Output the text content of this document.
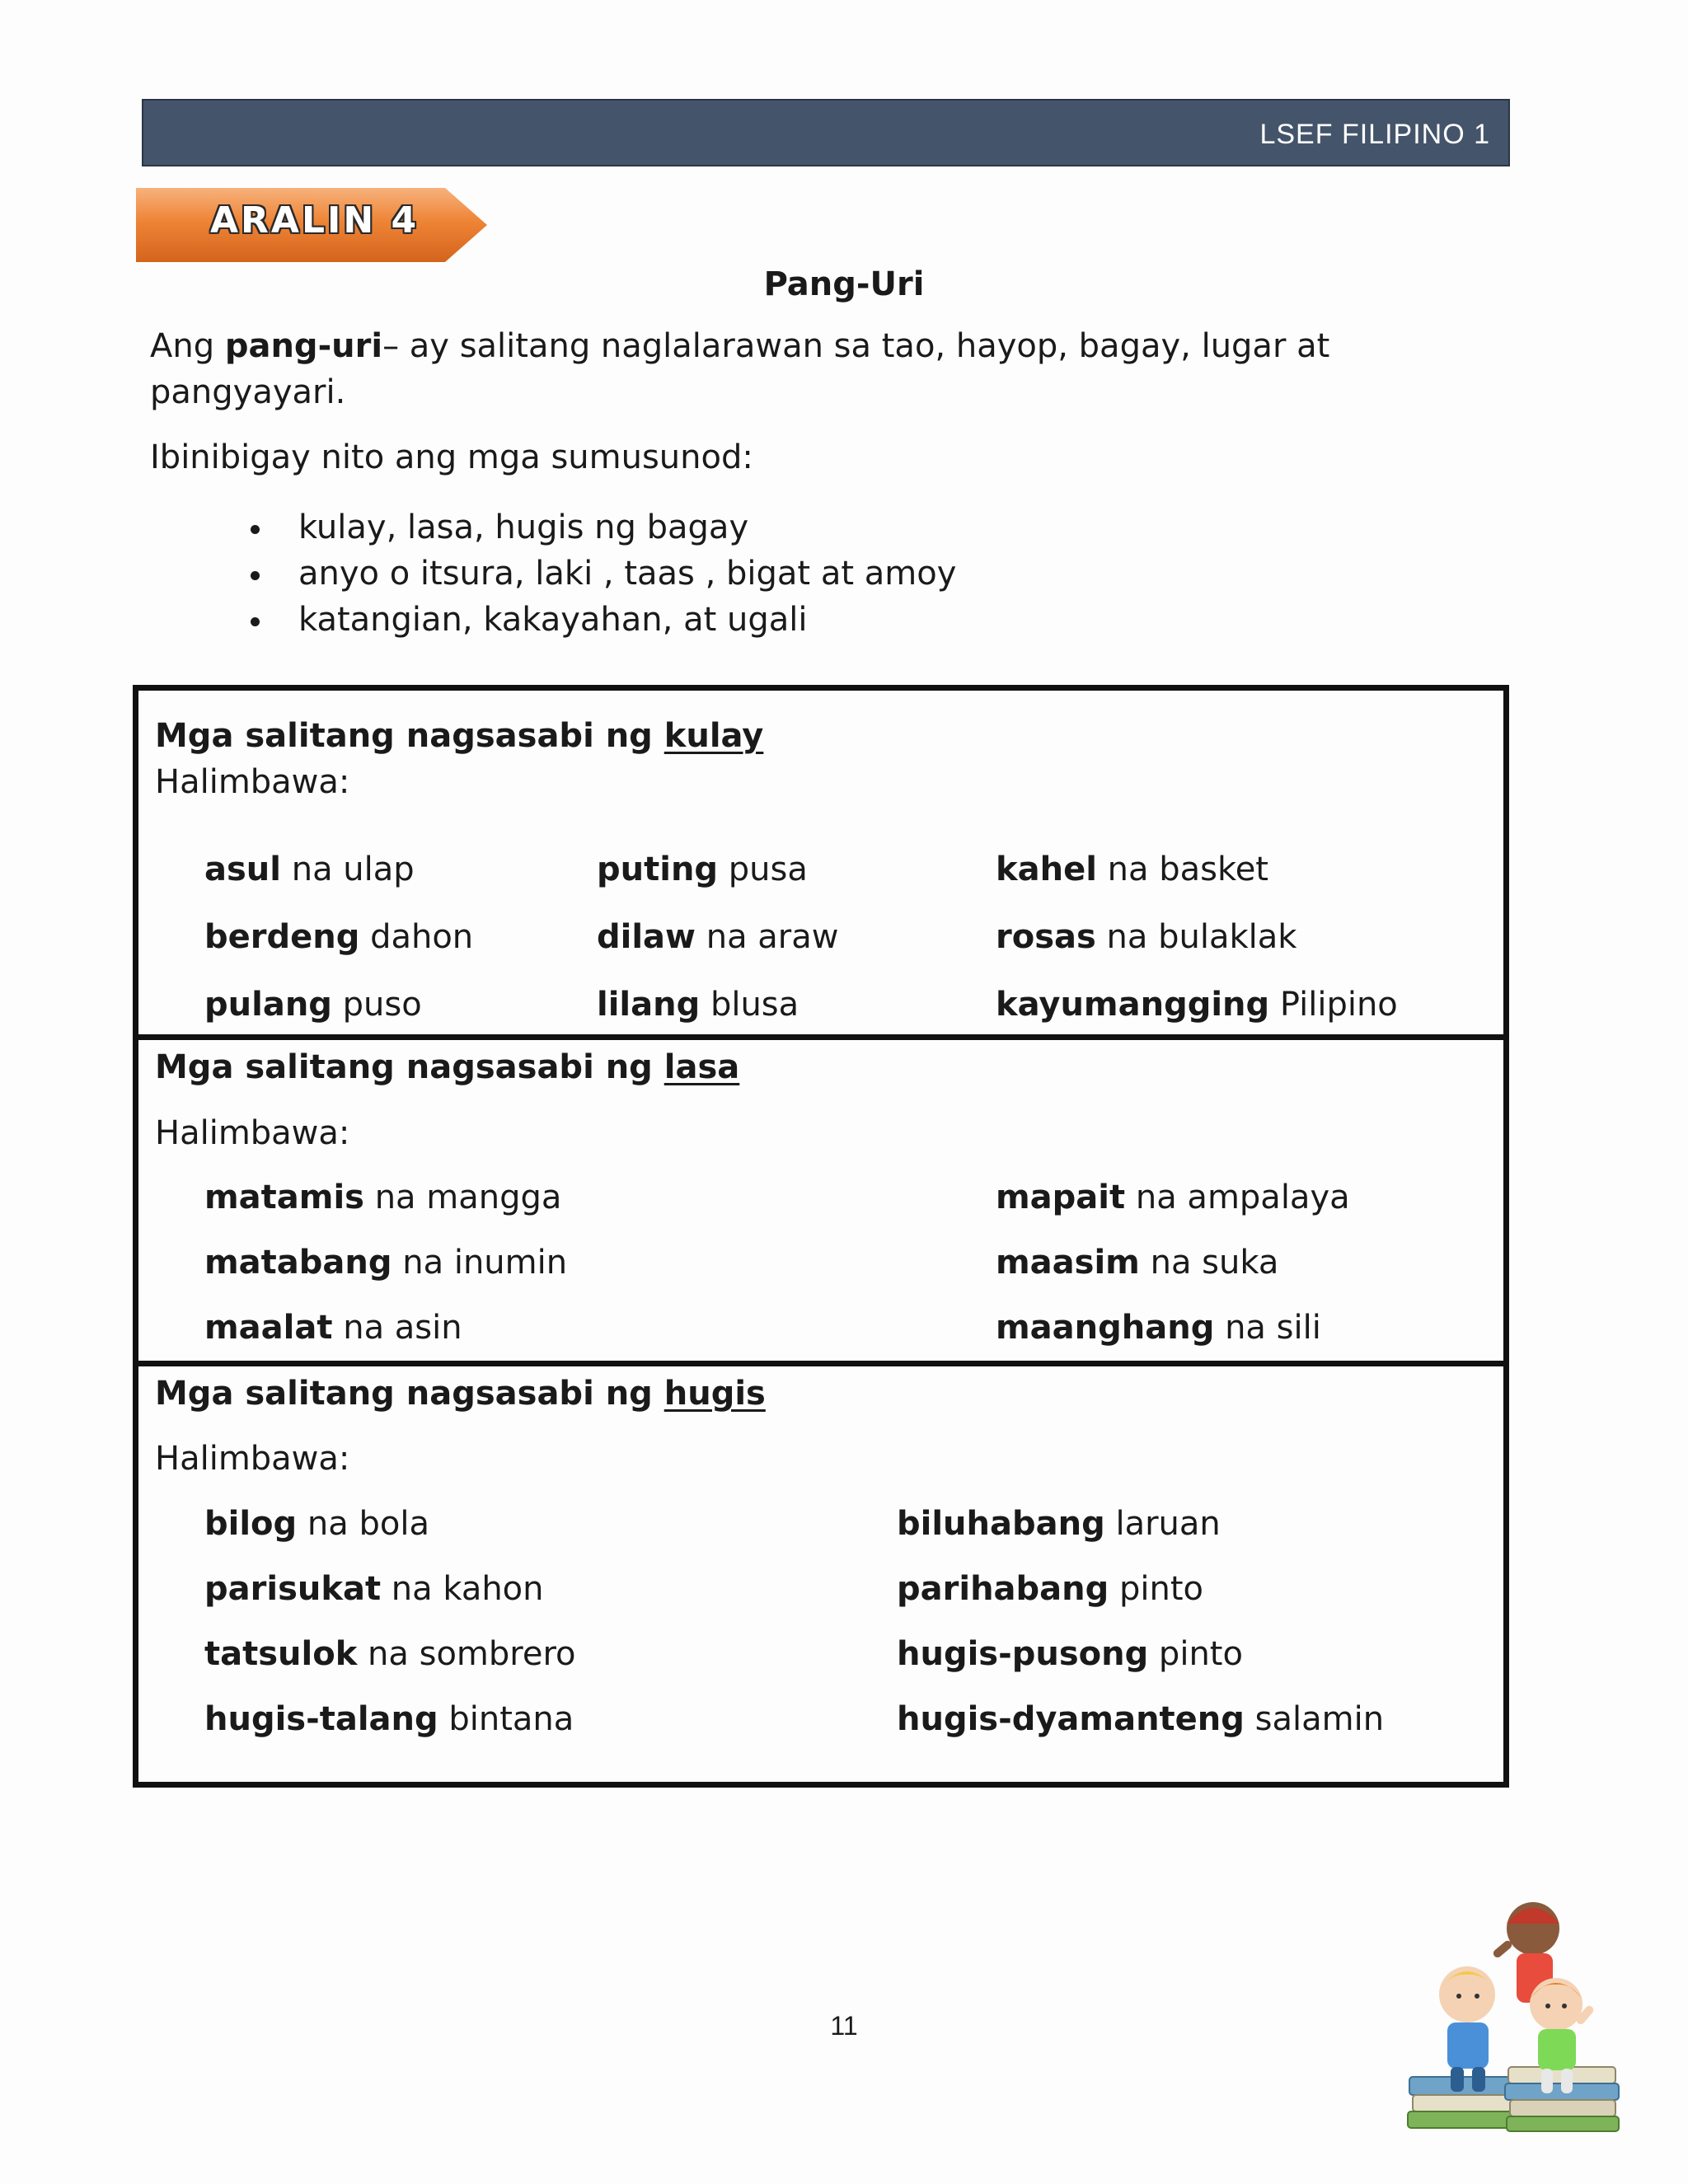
LSEF FILIPINO 1
ARALIN 4
Pang-Uri

Ang pang-uri– ay salitang naglalarawan sa tao, hayop, bagay, lugar at pangyayari.

Ibinibigay nito ang mga sumusunod:

kulay, lasa, hugis ng bagay
anyo o itsura, laki , taas , bigat at amoy
katangian, kakayahan, at ugali
Mga salitang nagsasabi ng kulay
Halimbawa:
asul na ulap	puting pusa	kahel na basket
berdeng dahon	dilaw na araw	rosas na bulaklak
pulang puso	lilang blusa	kayumangging Pilipino
Mga salitang nagsasabi ng lasa
Halimbawa:
matamis na mangga	mapait na ampalaya
matabang na inumin	maasim na suka
maalat na asin	maanghang na sili
Mga salitang nagsasabi ng hugis
Halimbawa:
bilog na bola	biluhabang laruan
parisukat na kahon	parihabang pinto
tatsulok na sombrero	hugis-pusong pinto
hugis-talang bintana	hugis-dyamanteng salamin
11
